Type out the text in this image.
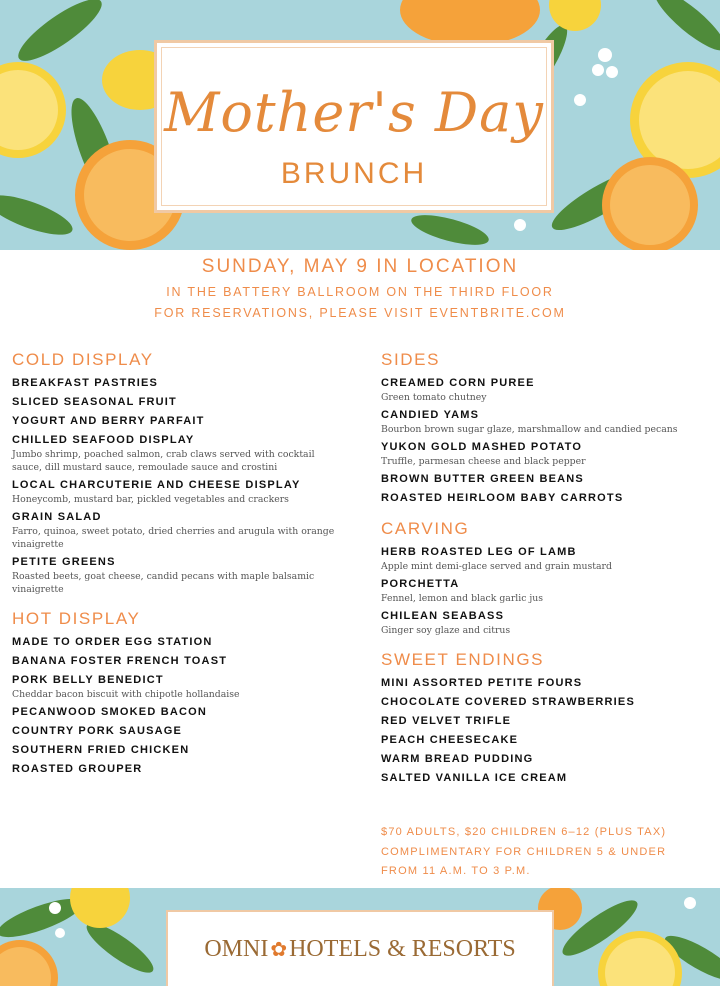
Mother's Day
BRUNCH
SUNDAY, MAY 9 IN LOCATION
IN THE BATTERY BALLROOM ON THE THIRD FLOOR
FOR RESERVATIONS, PLEASE VISIT EVENTBRITE.COM
COLD DISPLAY
BREAKFAST PASTRIES
SLICED SEASONAL FRUIT
YOGURT AND BERRY PARFAIT
CHILLED SEAFOOD DISPLAY
Jumbo shrimp, poached salmon, crab claws served with cocktail sauce, dill mustard sauce, remoulade sauce and crostini
LOCAL CHARCUTERIE AND CHEESE DISPLAY
Honeycomb, mustard bar, pickled vegetables and crackers
GRAIN SALAD
Farro, quinoa, sweet potato, dried cherries and arugula with orange vinaigrette
PETITE GREENS
Roasted beets, goat cheese, candid pecans with maple balsamic vinaigrette
HOT DISPLAY
MADE TO ORDER EGG STATION
BANANA FOSTER FRENCH TOAST
PORK BELLY BENEDICT
Cheddar bacon biscuit with chipotle hollandaise
PECANWOOD SMOKED BACON
COUNTRY PORK SAUSAGE
SOUTHERN FRIED CHICKEN
ROASTED GROUPER
SIDES
CREAMED CORN PUREE
Green tomato chutney
CANDIED YAMS
Bourbon brown sugar glaze, marshmallow and candied pecans
YUKON GOLD MASHED POTATO
Truffle, parmesan cheese and black pepper
BROWN BUTTER GREEN BEANS
ROASTED HEIRLOOM BABY CARROTS
CARVING
HERB ROASTED LEG OF LAMB
Apple mint demi-glace served and grain mustard
PORCHETTA
Fennel, lemon and black garlic jus
CHILEAN SEABASS
Ginger soy glaze and citrus
SWEET ENDINGS
MINI ASSORTED PETITE FOURS
CHOCOLATE COVERED STRAWBERRIES
RED VELVET TRIFLE
PEACH CHEESECAKE
WARM BREAD PUDDING
SALTED VANILLA ICE CREAM
$70 ADULTS, $20 CHILDREN 6–12 (PLUS TAX)
COMPLIMENTARY FOR CHILDREN 5 & UNDER
FROM 11 A.M. TO 3 P.M.
OMNI ✿HOTELS & RESORTS
